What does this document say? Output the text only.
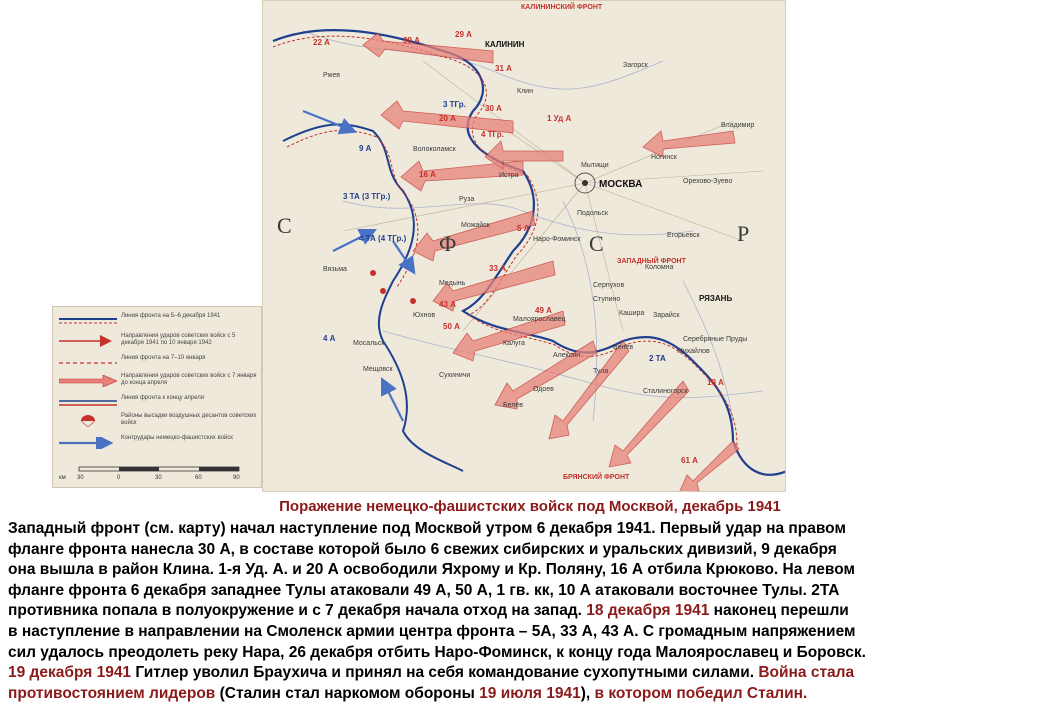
С
Ф	С	Р
КАЛИНИНСКИЙ ФРОНТ
ЗАПАДНЫЙ ФРОНТ
БРЯНСКИЙ ФРОНТ
МОСКВА
КАЛИНИН
РЯЗАНЬ
22 А	39 А
29 А
31 А
30 А
1 Уд А
20 А
16 А
9 А
3 ТГр.
4 ТГр.
3 ТА (3 ТГр.)
4 ТА (4 ТГр.)
5 А
33 А
43 А
49 А
50 А
10 А
4 А
2 ТА
61 А
Ржев
Волоколамск
Клин
Руза
Можайск
Наро-Фоминск
Малоярославец
Калуга
Сухиничи
Алексин
Серпухов
Подольск
Коломна
Егорьевск
Мытищи
Ногинск
Орехово-Зуево
Владимир
Загорск
Истра
Вязьма
Медынь
Юхнов
Мосальск
Мещовск
Белёв
Одоев	Сталиногорск
Михайлов
Кашира
Ступино
Венёв
Тула
Серебряные Пруды
Зарайск
Линия фронта на 5–6 декабря 1941
Направления ударов советских войск с 5 декабря 1941 по 10 января 1942
Линия фронта на 7–10 января
Направления ударов советских войск с 7 января до конца апреля
Линия фронта к концу апреля
Районы высадки воздушных десантов советских войск
Контрудары немецко-фашистских войск
км 30	0	30	60	90
Поражение немецко-фашистских войск под Москвой, декабрь 1941
Западный фронт (см. карту) начал наступление под Москвой утром 6 декабря 1941. Первый удар на правом
фланге фронта нанесла 30 А, в составе которой было 6 свежих сибирских и уральских дивизий, 9 декабря
она вышла в район Клина. 1-я Уд. А. и 20 А освободили Яхрому и Кр. Поляну, 16 А отбила Крюково. На левом
фланге фронта 6 декабря западнее Тулы атаковали 49 А, 50 А, 1 гв. кк, 10 А атаковали восточнее Тулы. 2ТА
противника попала в полуокружение и с 7 декабря начала отход на запад. 18 декабря 1941 наконец перешли
в наступление в направлении на Смоленск армии центра фронта – 5А, 33 А, 43 А. С громадным напряжением
сил удалось преодолеть реку Нара, 26 декабря отбить Наро-Фоминск, к концу года Малоярославец и Боровск.
19 декабря 1941 Гитлер уволил Браухича и принял на себя командование сухопутными силами. Война стала
противостоянием лидеров (Сталин стал наркомом обороны 19 июля 1941), в котором победил Сталин.
